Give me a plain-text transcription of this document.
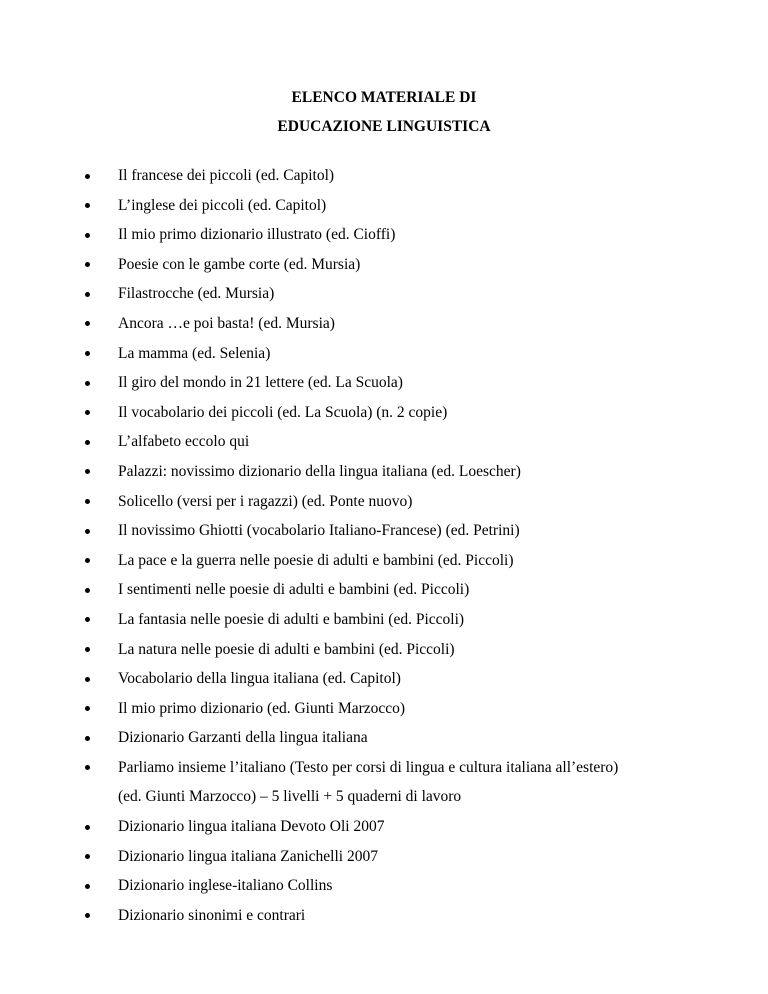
ELENCO MATERIALE DI
EDUCAZIONE LINGUISTICA
Il francese dei piccoli (ed. Capitol)
L’inglese dei piccoli (ed. Capitol)
Il mio primo dizionario illustrato (ed. Cioffi)
Poesie con le gambe corte (ed. Mursia)
Filastrocche (ed. Mursia)
Ancora …e poi basta! (ed. Mursia)
La mamma (ed. Selenia)
Il giro del mondo in 21 lettere (ed. La Scuola)
Il vocabolario dei piccoli (ed. La Scuola) (n. 2 copie)
L’alfabeto eccolo qui
Palazzi: novissimo dizionario della lingua italiana (ed. Loescher)
Solicello (versi per i ragazzi) (ed. Ponte nuovo)
Il novissimo Ghiotti (vocabolario Italiano-Francese) (ed. Petrini)
La pace e la guerra nelle poesie di adulti e bambini (ed. Piccoli)
I sentimenti nelle poesie di adulti e bambini (ed. Piccoli)
La fantasia nelle poesie di adulti e bambini (ed. Piccoli)
La natura nelle poesie di adulti e bambini (ed. Piccoli)
Vocabolario della lingua italiana (ed. Capitol)
Il mio primo dizionario (ed. Giunti Marzocco)
Dizionario Garzanti della lingua italiana
Parliamo insieme l’italiano (Testo per corsi di lingua e cultura italiana all’estero)
(ed. Giunti Marzocco) – 5 livelli + 5 quaderni di lavoro
Dizionario lingua italiana Devoto Oli 2007
Dizionario lingua italiana Zanichelli 2007
Dizionario inglese-italiano Collins
Dizionario sinonimi e contrari
